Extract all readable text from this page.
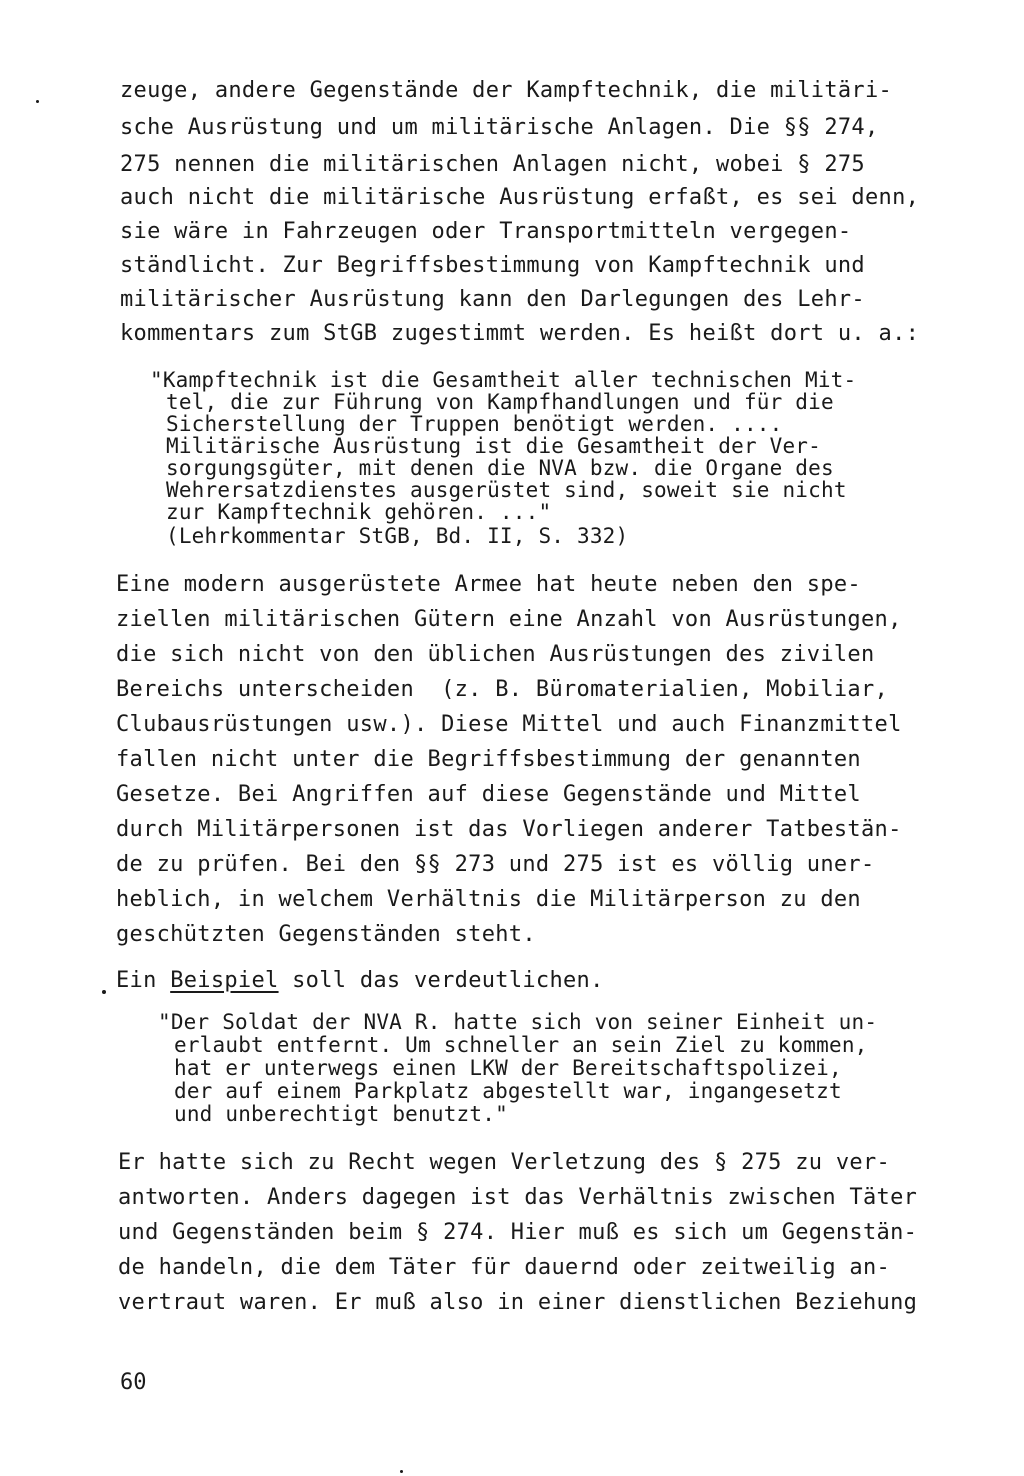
zeuge, andere Gegenstände der Kampftechnik, die militäri-
sche Ausrüstung und um militärische Anlagen. Die §§ 274,
275 nennen die militärischen Anlagen nicht, wobei § 275
auch nicht die militärische Ausrüstung erfaßt, es sei denn,
sie wäre in Fahrzeugen oder Transportmitteln vergegen-
ständlicht. Zur Begriffsbestimmung von Kampftechnik und
militärischer Ausrüstung kann den Darlegungen des Lehr-
kommentars zum StGB zugestimmt werden. Es heißt dort u. a.:
"Kampftechnik ist die Gesamtheit aller technischen Mit-
tel, die zur Führung von Kampfhandlungen und für die
Sicherstellung der Truppen benötigt werden. ....
Militärische Ausrüstung ist die Gesamtheit der Ver-
sorgungsgüter, mit denen die NVA bzw. die Organe des
Wehrersatzdienstes ausgerüstet sind, soweit sie nicht
zur Kampftechnik gehören. ..."
(Lehrkommentar StGB, Bd. II, S. 332)
Eine modern ausgerüstete Armee hat heute neben den spe-
ziellen militärischen Gütern eine Anzahl von Ausrüstungen,
die sich nicht von den üblichen Ausrüstungen des zivilen
Bereichs unterscheiden  (z. B. Büromaterialien, Mobiliar,
Clubausrüstungen usw.). Diese Mittel und auch Finanzmittel
fallen nicht unter die Begriffsbestimmung der genannten
Gesetze. Bei Angriffen auf diese Gegenstände und Mittel
durch Militärpersonen ist das Vorliegen anderer Tatbestän-
de zu prüfen. Bei den §§ 273 und 275 ist es völlig uner-
heblich, in welchem Verhältnis die Militärperson zu den
geschützten Gegenständen steht.
Ein Beispiel soll das verdeutlichen.
"Der Soldat der NVA R. hatte sich von seiner Einheit un-
erlaubt entfernt. Um schneller an sein Ziel zu kommen,
hat er unterwegs einen LKW der Bereitschaftspolizei,
der auf einem Parkplatz abgestellt war, ingangesetzt
und unberechtigt benutzt."
Er hatte sich zu Recht wegen Verletzung des § 275 zu ver-
antworten. Anders dagegen ist das Verhältnis zwischen Täter
und Gegenständen beim § 274. Hier muß es sich um Gegenstän-
de handeln, die dem Täter für dauernd oder zeitweilig an-
vertraut waren. Er muß also in einer dienstlichen Beziehung
60
